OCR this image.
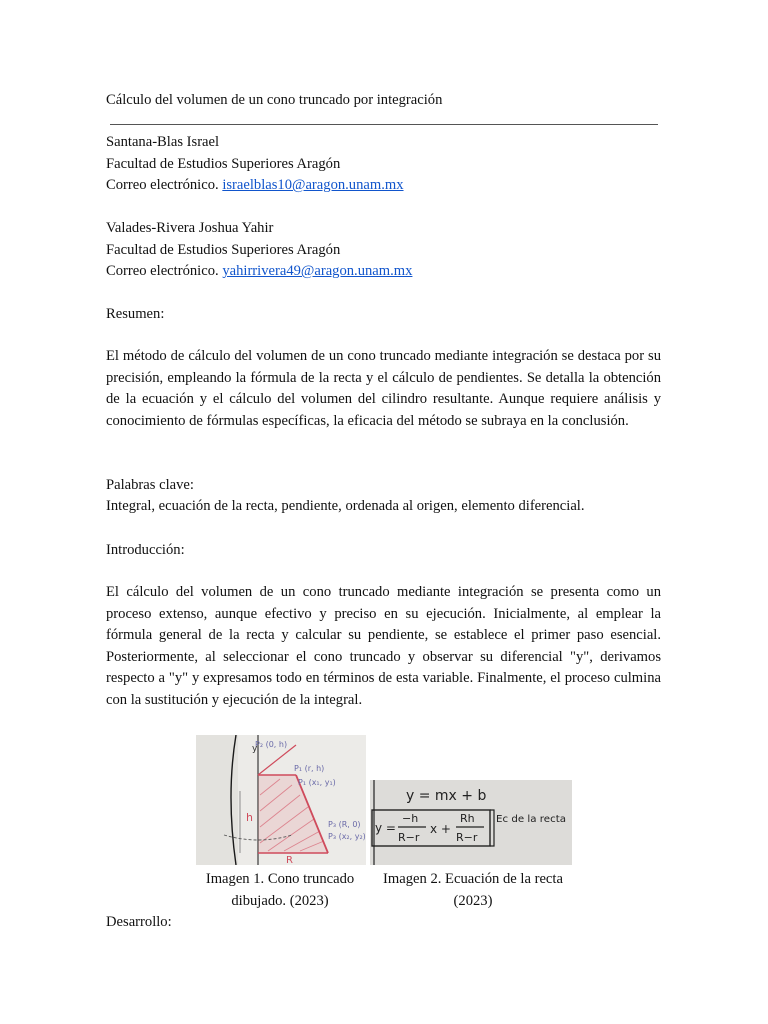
Cálculo del volumen de un cono truncado por integración
Santana-Blas Israel
Facultad de Estudios Superiores Aragón
Correo electrónico. israelblas10@aragon.unam.mx
Valades-Rivera Joshua Yahir
Facultad de Estudios Superiores Aragón
Correo electrónico. yahirrivera49@aragon.unam.mx
Resumen:
El método de cálculo del volumen de un cono truncado mediante integración se destaca por su precisión, empleando la fórmula de la recta y el cálculo de pendientes. Se detalla la obtención de la ecuación y el cálculo del volumen del cilindro resultante. Aunque requiere análisis y conocimiento de fórmulas específicas, la eficacia del método se subraya en la conclusión.
Palabras clave:
Integral, ecuación de la recta, pendiente, ordenada al origen, elemento diferencial.
Introducción:
El cálculo del volumen de un cono truncado mediante integración se presenta como un proceso extenso, aunque efectivo y preciso en su ejecución. Inicialmente, al emplear la fórmula general de la recta y calcular su pendiente, se establece el primer paso esencial. Posteriormente, al seleccionar el cono truncado y observar su diferencial "y", derivamos respecto a "y" y expresamos todo en términos de esta variable. Finalmente, el proceso culmina con la sustitución y ejecución de la integral.
P₂ (0, h)
P₁ (r, h)
P₁ (x₁, y₁)
P₃ (R, 0)
P₃ (x₂, y₂)
h
y
R
y = mx + b
y =
−h
R−r
x +
Rh
R−r
Ec de la recta
Imagen 1. Cono truncado
dibujado. (2023)
Imagen 2. Ecuación de la recta
(2023)
Desarrollo:
